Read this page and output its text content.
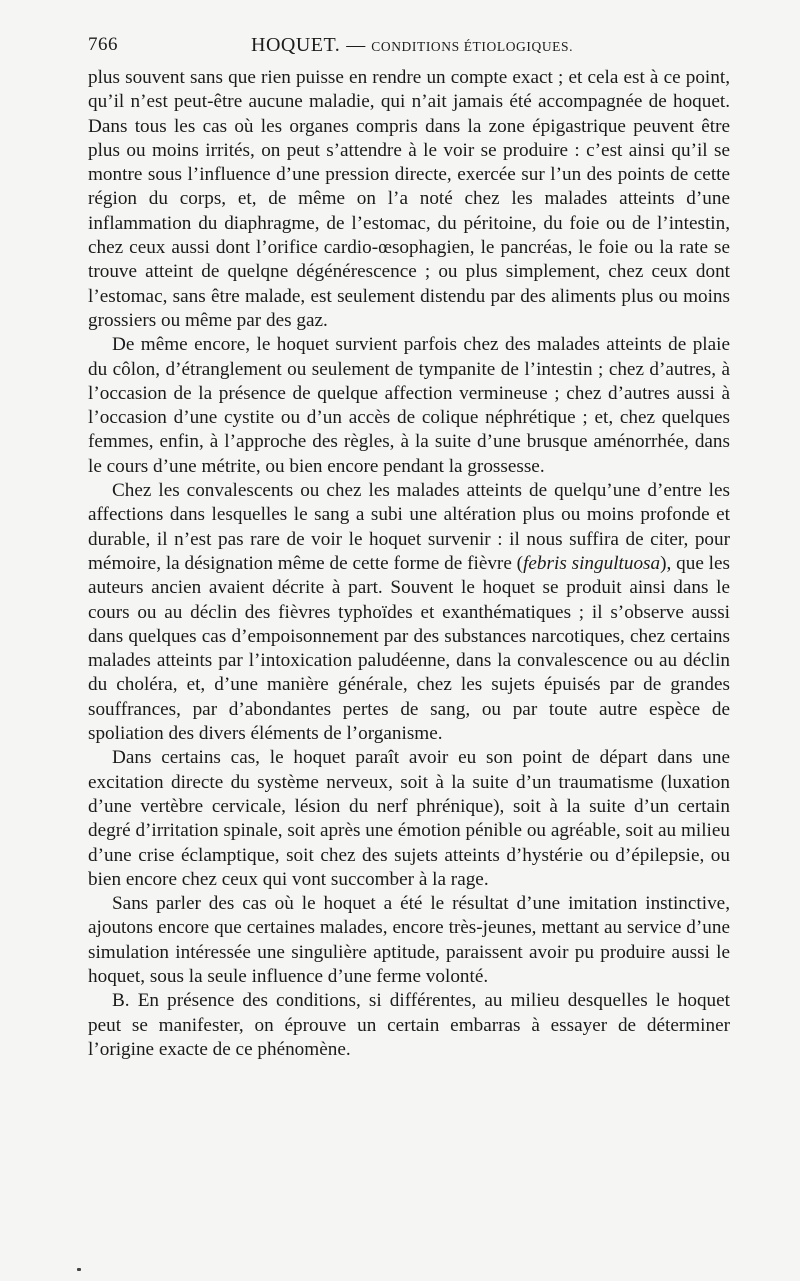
766	HOQUET. — CONDITIONS ÉTIOLOGIQUES.

plus souvent sans que rien puisse en rendre un compte exact ; et cela est à ce point, qu’il n’est peut-être aucune maladie, qui n’ait jamais été accompagnée de hoquet. Dans tous les cas où les organes compris dans la zone épigastrique peuvent être plus ou moins irrités, on peut s’attendre à le voir se produire : c’est ainsi qu’il se montre sous l’influence d’une pression directe, exercée sur l’un des points de cette région du corps, et, de même on l’a noté chez les malades atteints d’une inflammation du diaphragme, de l’estomac, du péritoine, du foie ou de l’intestin, chez ceux aussi dont l’orifice cardio-œsophagien, le pancréas, le foie ou la rate se trouve atteint de quelqne dégénérescence ; ou plus simplement, chez ceux dont l’estomac, sans être malade, est seulement distendu par des aliments plus ou moins grossiers ou même par des gaz.

De même encore, le hoquet survient parfois chez des malades atteints de plaie du côlon, d’étranglement ou seulement de tympanite de l’intestin ; chez d’autres, à l’occasion de la présence de quelque affection vermineuse ; chez d’autres aussi à l’occasion d’une cystite ou d’un accès de colique néphrétique ; et, chez quelques femmes, enfin, à l’approche des règles, à la suite d’une brusque aménorrhée, dans le cours d’une métrite, ou bien encore pendant la grossesse.

Chez les convalescents ou chez les malades atteints de quelqu’une d’entre les affections dans lesquelles le sang a subi une altération plus ou moins profonde et durable, il n’est pas rare de voir le hoquet survenir : il nous suffira de citer, pour mémoire, la désignation même de cette forme de fièvre (febris singultuosa), que les auteurs ancien avaient décrite à part. Souvent le hoquet se produit ainsi dans le cours ou au déclin des fièvres typhoïdes et exanthématiques ; il s’observe aussi dans quelques cas d’empoisonnement par des substances narcotiques, chez certains malades atteints par l’intoxication paludéenne, dans la convalescence ou au déclin du choléra, et, d’une manière générale, chez les sujets épuisés par de grandes souffrances, par d’abondantes pertes de sang, ou par toute autre espèce de spoliation des divers éléments de l’organisme.

Dans certains cas, le hoquet paraît avoir eu son point de départ dans une excitation directe du système nerveux, soit à la suite d’un traumatisme (luxation d’une vertèbre cervicale, lésion du nerf phrénique), soit à la suite d’un certain degré d’irritation spinale, soit après une émotion pénible ou agréable, soit au milieu d’une crise éclamptique, soit chez des sujets atteints d’hystérie ou d’épilepsie, ou bien encore chez ceux qui vont succomber à la rage.

Sans parler des cas où le hoquet a été le résultat d’une imitation instinctive, ajoutons encore que certaines malades, encore très-jeunes, mettant au service d’une simulation intéressée une singulière aptitude, paraissent avoir pu produire aussi le hoquet, sous la seule influence d’une ferme volonté.

B. En présence des conditions, si différentes, au milieu desquelles le hoquet peut se manifester, on éprouve un certain embarras à essayer de déterminer l’origine exacte de ce phénomène.
